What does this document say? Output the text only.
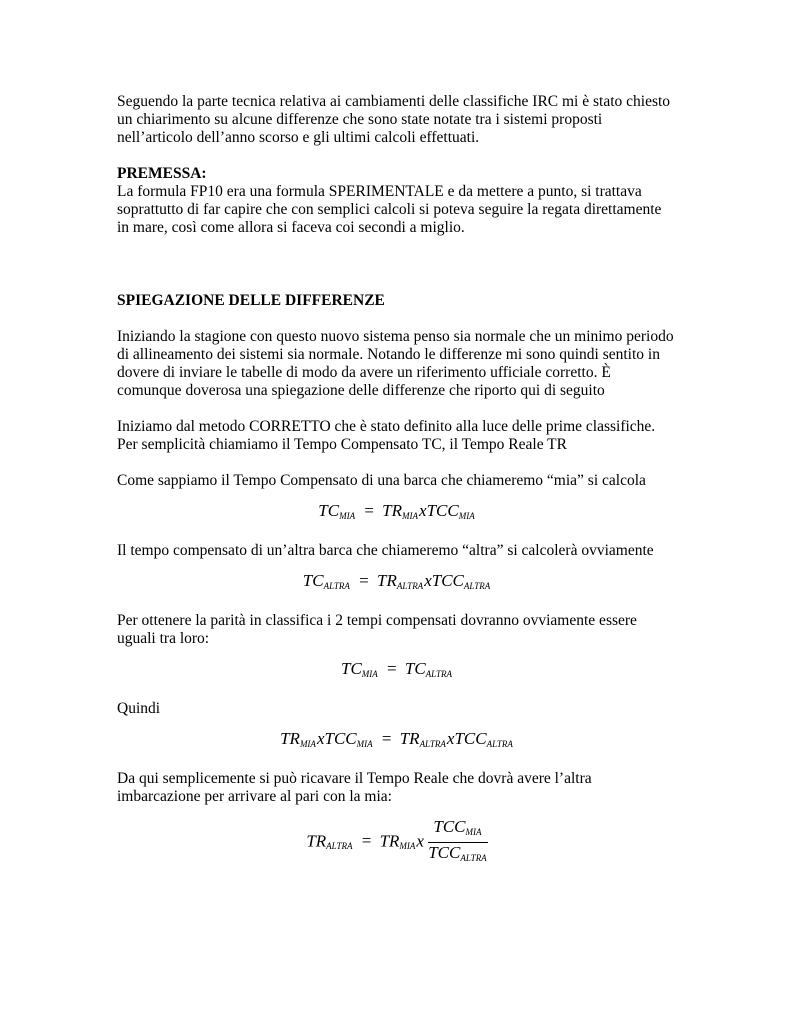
Seguendo la parte tecnica relativa ai cambiamenti delle classifiche IRC mi è stato chiesto un chiarimento su alcune differenze che sono state notate tra i sistemi proposti nell’articolo dell’anno scorso e gli ultimi calcoli effettuati.

PREMESSA:

La formula FP10 era una formula SPERIMENTALE e da mettere a punto, si trattava soprattutto di far capire che con semplici calcoli si poteva seguire la regata direttamente in mare, così come allora si faceva coi secondi a miglio.

SPIEGAZIONE DELLE DIFFERENZE

Iniziando la stagione con questo nuovo sistema penso sia normale che un minimo periodo di allineamento dei sistemi sia normale. Notando le differenze mi sono quindi sentito in dovere di inviare le tabelle di modo da avere un riferimento ufficiale corretto. È comunque doverosa una spiegazione delle differenze che riporto qui di seguito

Iniziamo dal metodo CORRETTO che è stato definito alla luce delle prime classifiche. Per semplicità chiamiamo il Tempo Compensato TC, il Tempo Reale TR

Come sappiamo il Tempo Compensato di una barca che chiameremo “mia” si calcola

$TC_{MIA}$ = $TR_{MIA}xTCC_{MIA}$

Il tempo compensato di un’altra barca che chiameremo “altra” si calcolerà ovviamente

$TC_{ALTRA}$ = $TR_{ALTRA}xTCC_{ALTRA}$

Per ottenere la parità in classifica i 2 tempi compensati dovranno ovviamente essere uguali tra loro:

$TC_{MIA} = TC_{ALTRA}$

Quindi

$TR_{MIA}xTCC_{MIA}$ = $TR_{ALTRA}xTCC_{ALTRA}$

Da qui semplicemente si può ricavare il Tempo Reale che dovrà avere l’altra imbarcazione per arrivare al pari con la mia:

$TR_{ALTRA} = TR_{MIA}x \frac{TCC_{MIA}}{TCC_{ALTRA}}$
